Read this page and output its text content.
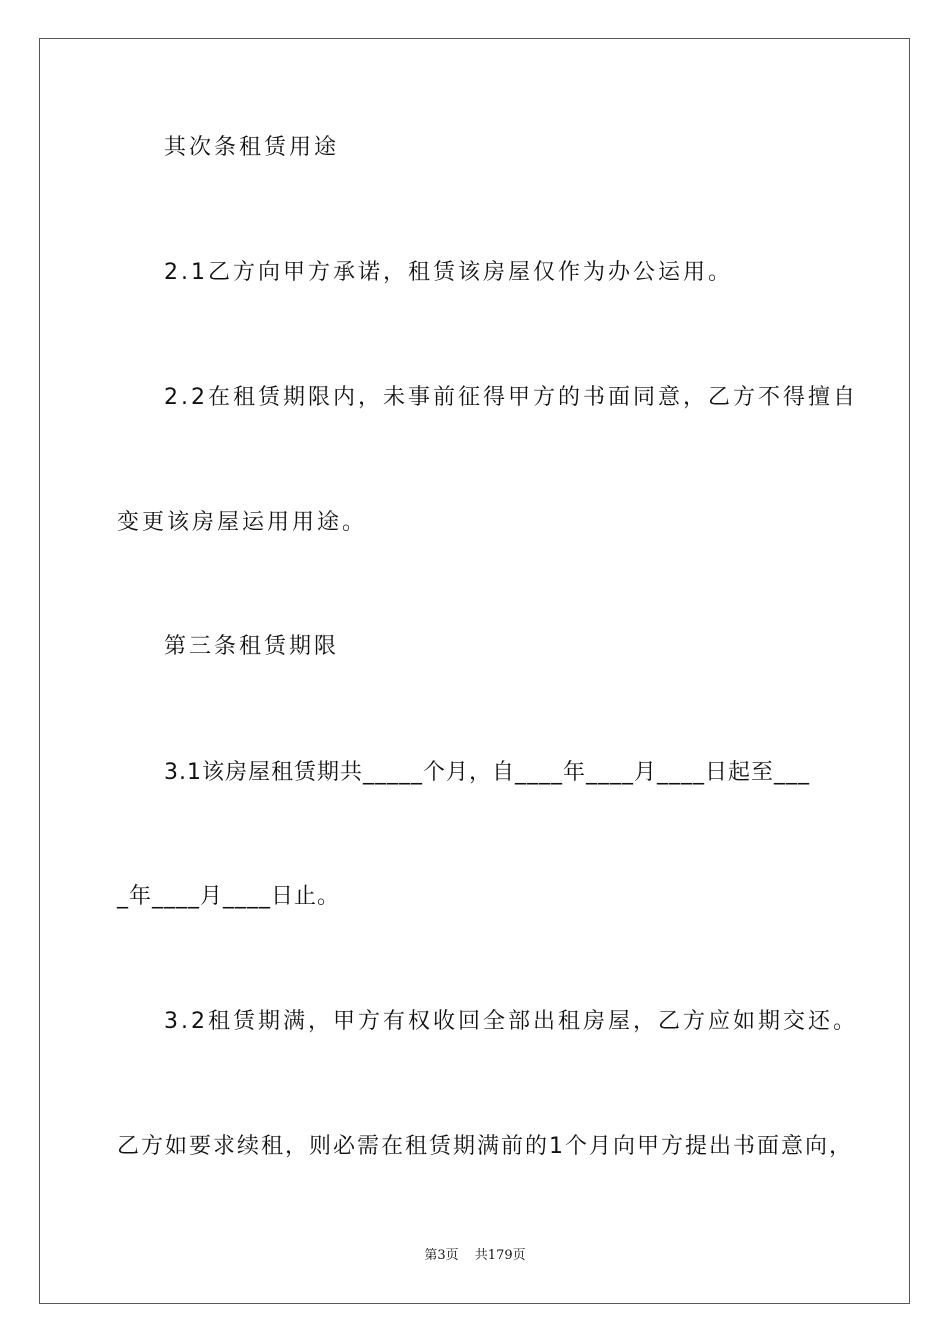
其次条租赁用途
2.1乙方向甲方承诺，租赁该房屋仅作为办公运用。
2.2在租赁期限内，未事前征得甲方的书面同意，乙方不得擅自
变更该房屋运用用途。
第三条租赁期限
3.1该房屋租赁期共_____个月，自____年____月____日起至___
_年____月____日止。
3.2租赁期满，甲方有权收回全部出租房屋，乙方应如期交还。
乙方如要求续租，则必需在租赁期满前的1个月向甲方提出书面意向，
第3页 共179页
